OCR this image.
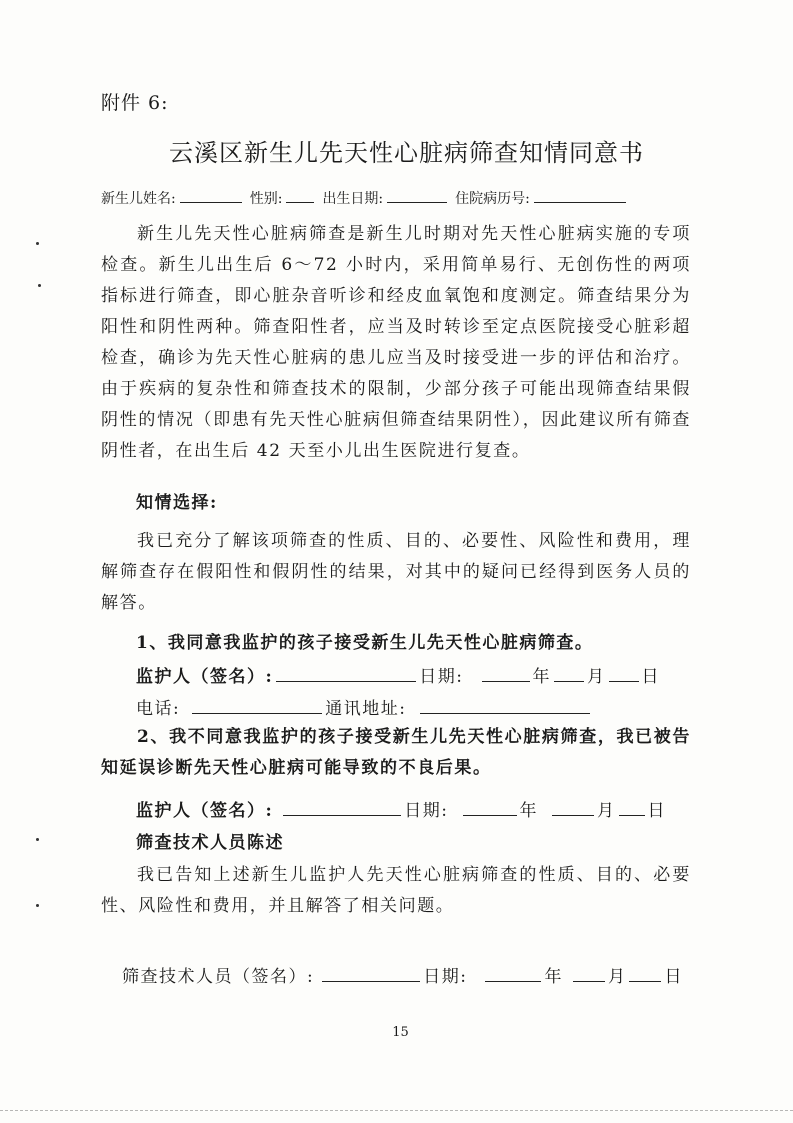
附件 6:
云溪区新生儿先天性心脏病筛查知情同意书
新生儿姓名:	性别:	出生日期:	住院病历号:
新生儿先天性心脏病筛查是新生儿时期对先天性心脏病实施的专项检查。新生儿出生后 6～72 小时内，采用简单易行、无创伤性的两项指标进行筛查，即心脏杂音听诊和经皮血氧饱和度测定。筛查结果分为阳性和阴性两种。筛查阳性者，应当及时转诊至定点医院接受心脏彩超检查，确诊为先天性心脏病的患儿应当及时接受进一步的评估和治疗。由于疾病的复杂性和筛查技术的限制，少部分孩子可能出现筛查结果假阴性的情况（即患有先天性心脏病但筛查结果阴性），因此建议所有筛查阴性者，在出生后 42 天至小儿出生医院进行复查。
知情选择:
我已充分了解该项筛查的性质、目的、必要性、风险性和费用，理解筛查存在假阳性和假阴性的结果，对其中的疑问已经得到医务人员的解答。
1、我同意我监护的孩子接受新生儿先天性心脏病筛查。
监护人（签名）:	日期:	年 月 日
电话:	通讯地址:
2、我不同意我监护的孩子接受新生儿先天性心脏病筛查，我已被告知延误诊断先天性心脏病可能导致的不良后果。
监护人（签名）:	日期:	年	月 日
筛查技术人员陈述
我已告知上述新生儿监护人先天性心脏病筛查的性质、目的、必要性、风险性和费用，并且解答了相关问题。
筛查技术人员（签名）:	日期:	年	月 日
15
